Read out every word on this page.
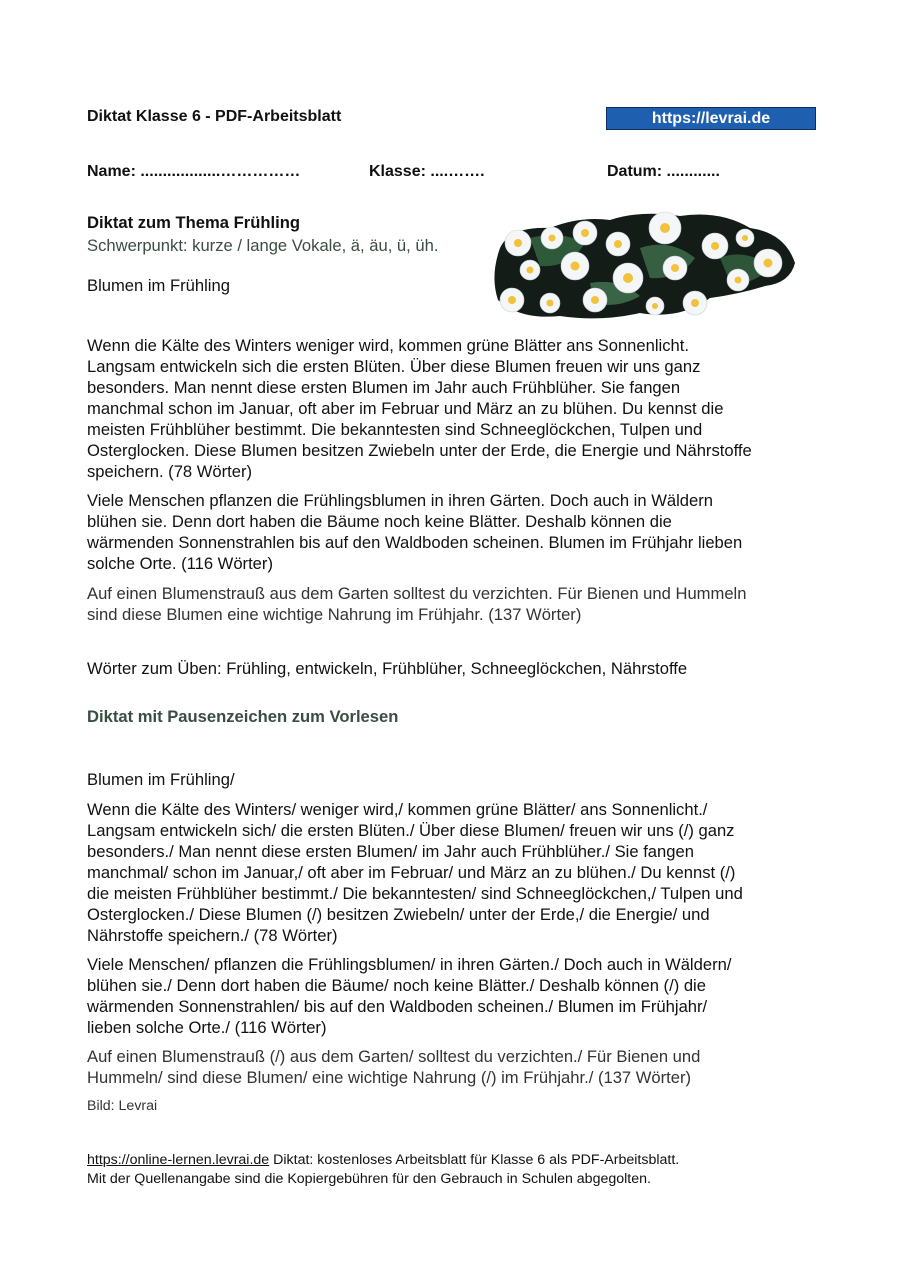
Diktat Klasse 6 - PDF-Arbeitsblatt	https://levrai.de
Name: ..................……………	Klasse: ....…….	Datum: ............
Diktat zum Thema Frühling
Schwerpunkt: kurze / lange Vokale, ä, äu, ü, üh.
Blumen im Frühling
Wenn die Kälte des Winters weniger wird, kommen grüne Blätter ans Sonnenlicht.
Langsam entwickeln sich die ersten Blüten. Über diese Blumen freuen wir uns ganz
besonders. Man nennt diese ersten Blumen im Jahr auch Frühblüher. Sie fangen
manchmal schon im Januar, oft aber im Februar und März an zu blühen. Du kennst die
meisten Frühblüher bestimmt. Die bekanntesten sind Schneeglöckchen, Tulpen und
Osterglocken. Diese Blumen besitzen Zwiebeln unter der Erde, die Energie und Nährstoffe
speichern. (78 Wörter)
Viele Menschen pflanzen die Frühlingsblumen in ihren Gärten. Doch auch in Wäldern
blühen sie. Denn dort haben die Bäume noch keine Blätter. Deshalb können die
wärmenden Sonnenstrahlen bis auf den Waldboden scheinen. Blumen im Frühjahr lieben
solche Orte. (116 Wörter)
Auf einen Blumenstrauß aus dem Garten solltest du verzichten. Für Bienen und Hummeln
sind diese Blumen eine wichtige Nahrung im Frühjahr. (137 Wörter)
Wörter zum Üben: Frühling, entwickeln, Frühblüher, Schneeglöckchen, Nährstoffe
Diktat mit Pausenzeichen zum Vorlesen
Blumen im Frühling/
Wenn die Kälte des Winters/ weniger wird,/ kommen grüne Blätter/ ans Sonnenlicht./
Langsam entwickeln sich/ die ersten Blüten./ Über diese Blumen/ freuen wir uns (/) ganz
besonders./ Man nennt diese ersten Blumen/ im Jahr auch Frühblüher./ Sie fangen
manchmal/ schon im Januar,/ oft aber im Februar/ und März an zu blühen./ Du kennst (/)
die meisten Frühblüher bestimmt./ Die bekanntesten/ sind Schneeglöckchen,/ Tulpen und
Osterglocken./ Diese Blumen (/) besitzen Zwiebeln/ unter der Erde,/ die Energie/ und
Nährstoffe speichern./ (78 Wörter)
Viele Menschen/ pflanzen die Frühlingsblumen/ in ihren Gärten./ Doch auch in Wäldern/
blühen sie./ Denn dort haben die Bäume/ noch keine Blätter./ Deshalb können (/) die
wärmenden Sonnenstrahlen/ bis auf den Waldboden scheinen./ Blumen im Frühjahr/
lieben solche Orte./ (116 Wörter)
Auf einen Blumenstrauß (/) aus dem Garten/ solltest du verzichten./ Für Bienen und
Hummeln/ sind diese Blumen/ eine wichtige Nahrung (/) im Frühjahr./ (137 Wörter)
Bild: Levrai
https://online-lernen.levrai.de Diktat: kostenloses Arbeitsblatt für Klasse 6 als PDF-Arbeitsblatt.
Mit der Quellenangabe sind die Kopiergebühren für den Gebrauch in Schulen abgegolten.
